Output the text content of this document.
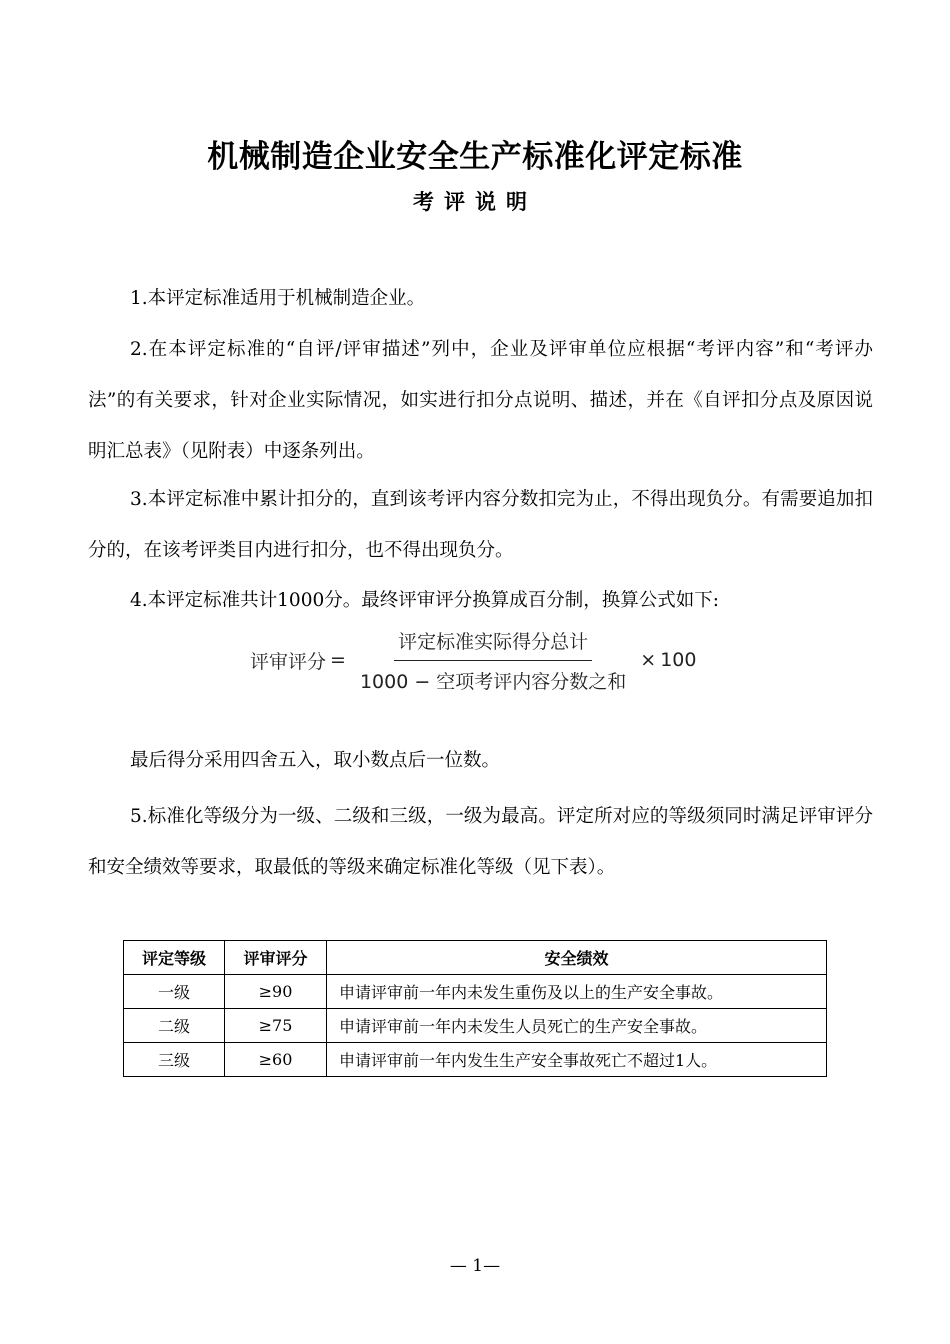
机械制造企业安全生产标准化评定标准
考评说明

1.本评定标准适用于机械制造企业。

2.在本评定标准的“自评/评审描述”列中，企业及评审单位应根据“考评内容”和“考评办法”的有关要求，针对企业实际情况，如实进行扣分点说明、描述，并在《自评扣分点及原因说明汇总表》（见附表）中逐条列出。

3.本评定标准中累计扣分的，直到该考评内容分数扣完为止，不得出现负分。有需要追加扣分的，在该考评类目内进行扣分，也不得出现负分。

4.本评定标准共计1000分。最终评审评分换算成百分制，换算公式如下:

评审评分 = $\frac{\text{评定标准实际得分总计}}{\text{1000 − 空项考评内容分数之和}} \times 100$

最后得分采用四舍五入，取小数点后一位数。

5.标准化等级分为一级、二级和三级，一级为最高。评定所对应的等级须同时满足评审评分和安全绩效等要求，取最低的等级来确定标准化等级（见下表）。

评定等级	评审评分	安全绩效
一级	≥90	申请评审前一年内未发生重伤及以上的生产安全事故。
二级	≥75	申请评审前一年内未发生人员死亡的生产安全事故。
三级	≥60	申请评审前一年内发生生产安全事故死亡不超过1人。
— 1—
